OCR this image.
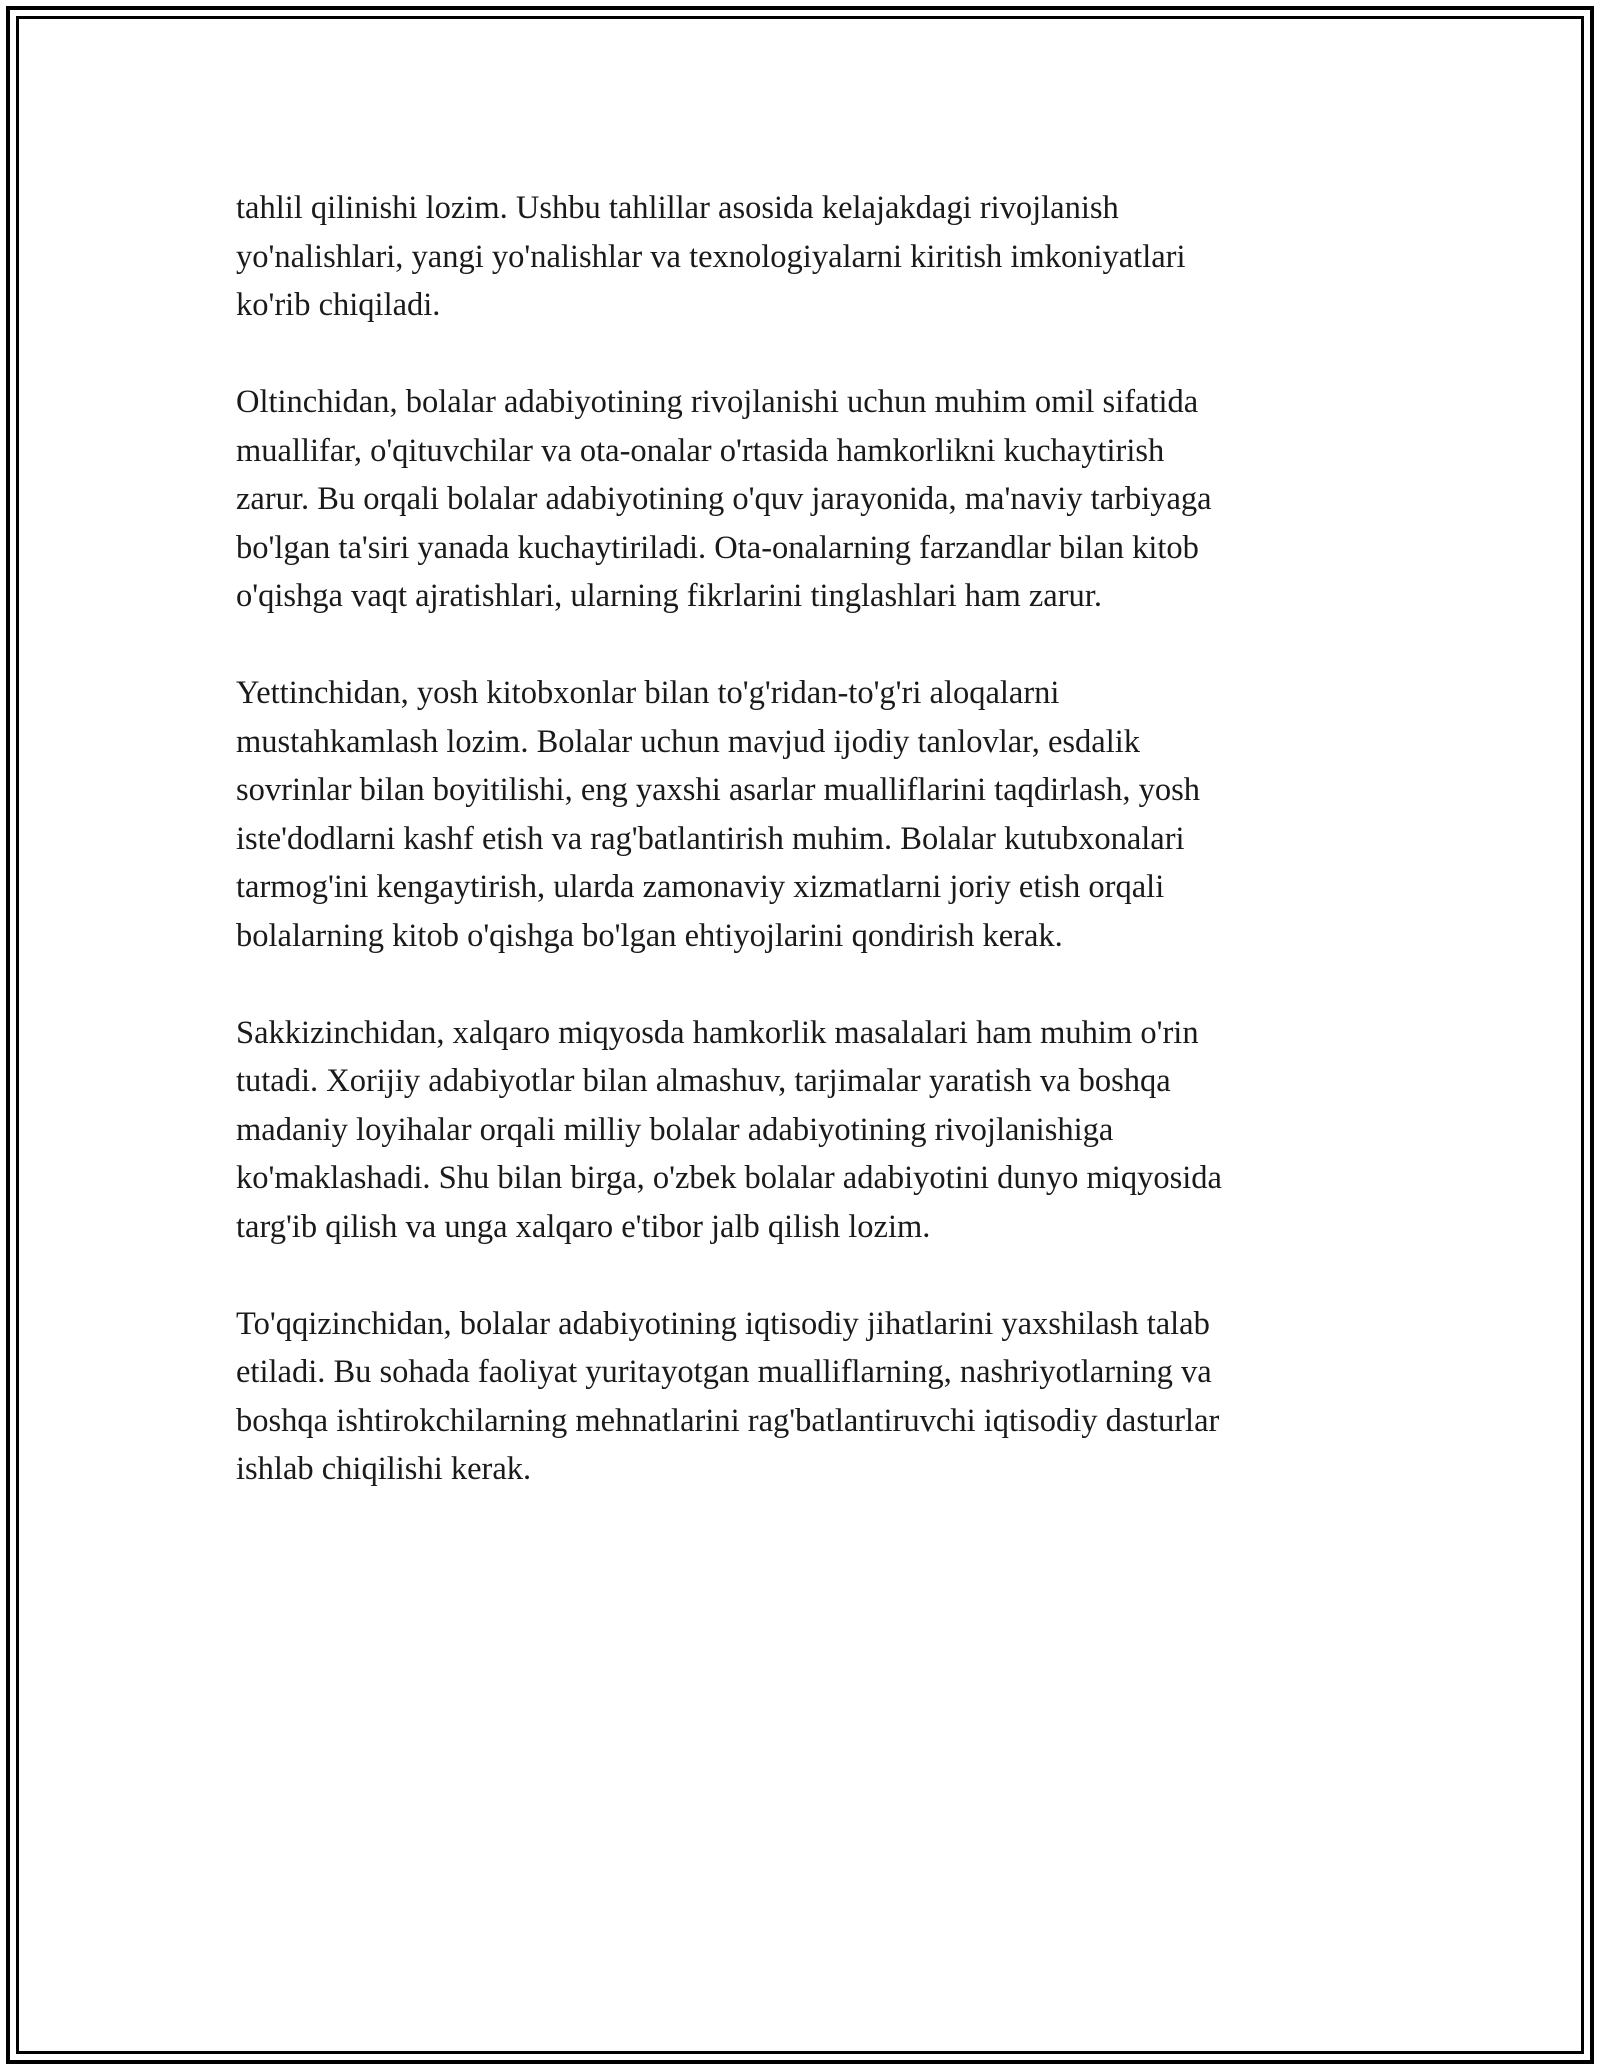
tahlil qilinishi lozim. Ushbu tahlillar asosida kelajakdagi rivojlanish
yo'nalishlari, yangi yo'nalishlar va texnologiyalarni kiritish imkoniyatlari
ko'rib chiqiladi.

Oltinchidan, bolalar adabiyotining rivojlanishi uchun muhim omil sifatida
muallifar, o'qituvchilar va ota-onalar o'rtasida hamkorlikni kuchaytirish
zarur. Bu orqali bolalar adabiyotining o'quv jarayonida, ma'naviy tarbiyaga
bo'lgan ta'siri yanada kuchaytiriladi. Ota-onalarning farzandlar bilan kitob
o'qishga vaqt ajratishlari, ularning fikrlarini tinglashlari ham zarur.

Yettinchidan, yosh kitobxonlar bilan to'g'ridan-to'g'ri aloqalarni
mustahkamlash lozim. Bolalar uchun mavjud ijodiy tanlovlar, esdalik
sovrinlar bilan boyitilishi, eng yaxshi asarlar mualliflarini taqdirlash, yosh
iste'dodlarni kashf etish va rag'batlantirish muhim. Bolalar kutubxonalari
tarmog'ini kengaytirish, ularda zamonaviy xizmatlarni joriy etish orqali
bolalarning kitob o'qishga bo'lgan ehtiyojlarini qondirish kerak.

Sakkizinchidan, xalqaro miqyosda hamkorlik masalalari ham muhim o'rin
tutadi. Xorijiy adabiyotlar bilan almashuv, tarjimalar yaratish va boshqa
madaniy loyihalar orqali milliy bolalar adabiyotining rivojlanishiga
ko'maklashadi. Shu bilan birga, o'zbek bolalar adabiyotini dunyo miqyosida
targ'ib qilish va unga xalqaro e'tibor jalb qilish lozim.

To'qqizinchidan, bolalar adabiyotining iqtisodiy jihatlarini yaxshilash talab
etiladi. Bu sohada faoliyat yuritayotgan mualliflarning, nashriyotlarning va
boshqa ishtirokchilarning mehnatlarini rag'batlantiruvchi iqtisodiy dasturlar
ishlab chiqilishi kerak.
